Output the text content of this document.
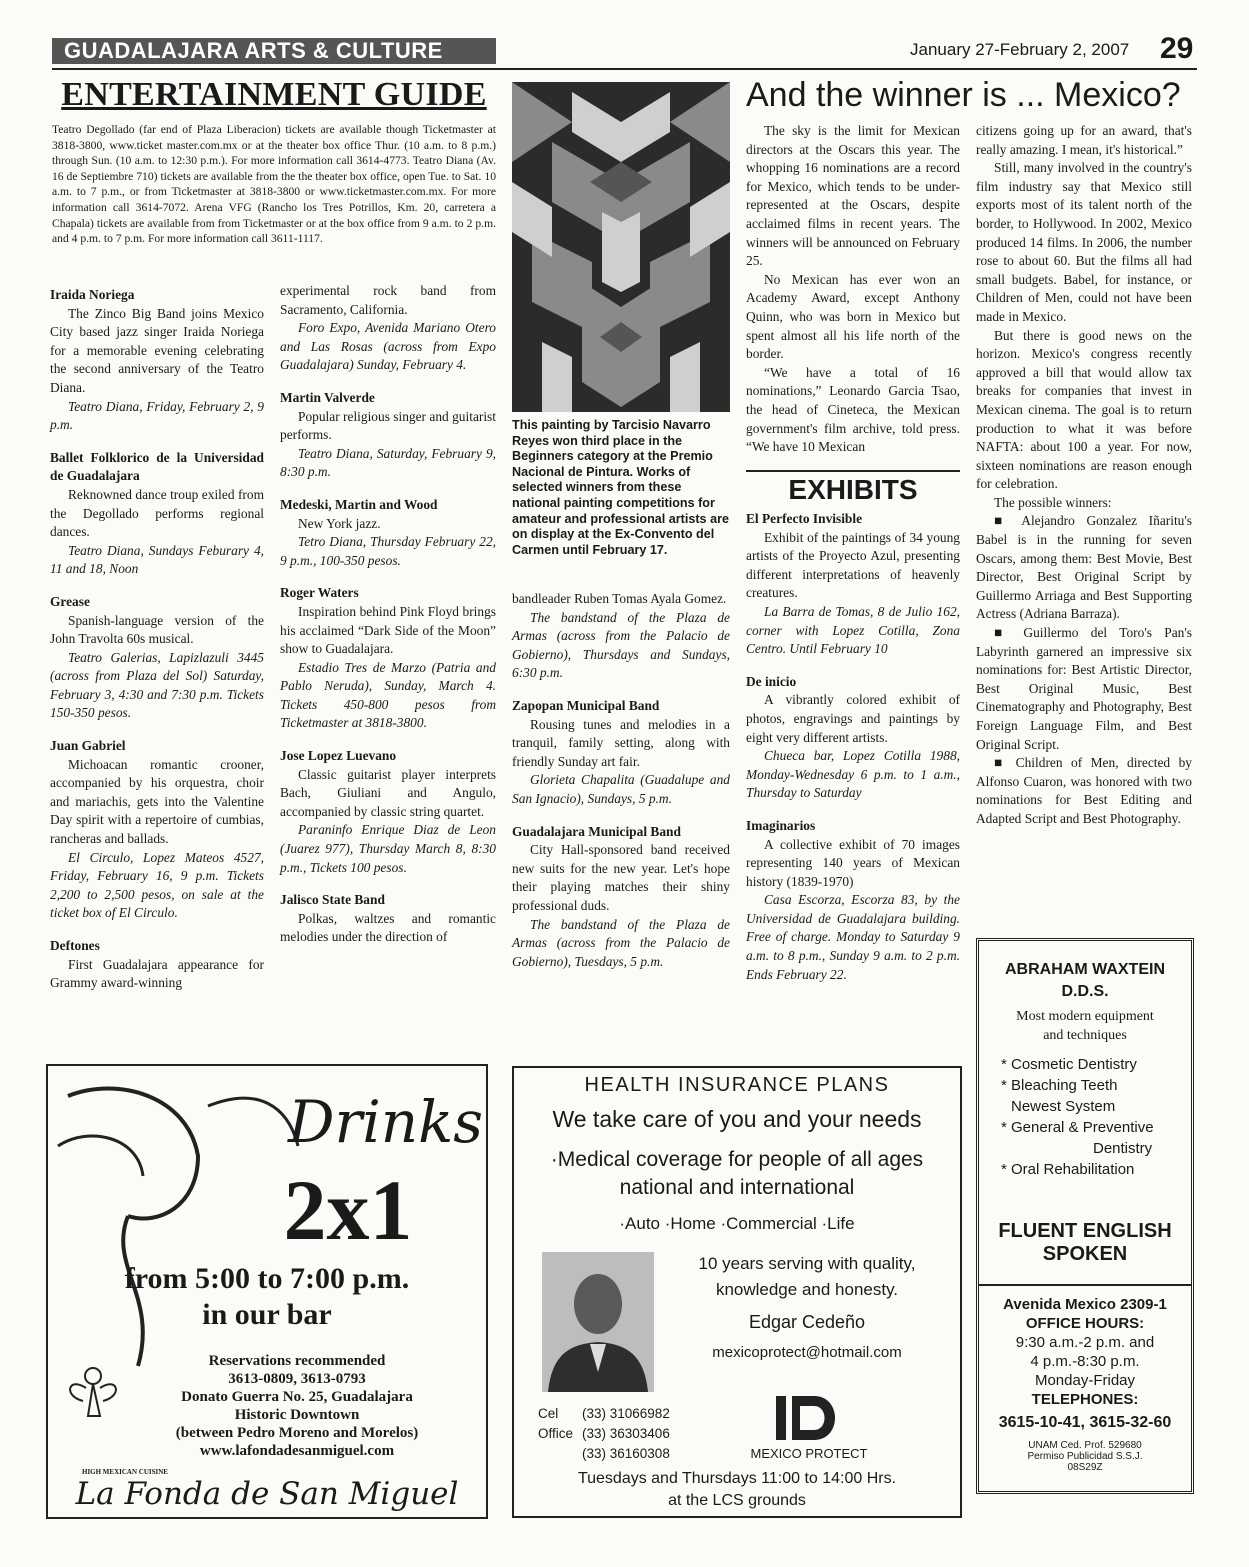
GUADALAJARA ARTS & CULTURE	January 27-February 2, 2007 29
ENTERTAINMENT GUIDE
Teatro Degollado (far end of Plaza Liberacion) tickets are available though Ticketmaster at 3818-3800, www.ticket master.com.mx or at the theater box office Thur. (10 a.m. to 8 p.m.) through Sun. (10 a.m. to 12:30 p.m.). For more information call 3614-4773. Teatro Diana (Av. 16 de Septiembre 710) tickets are available from the the theater box office, open Tue. to Sat. 10 a.m. to 7 p.m., or from Ticketmaster at 3818-3800 or www.ticketmaster.com.mx. For more information call 3614-7072. Arena VFG (Rancho los Tres Potrillos, Km. 20, carretera a Chapala) tickets are available from from Ticketmaster or at the box office from 9 a.m. to 2 p.m. and 4 p.m. to 7 p.m. For more information call 3611-1117.

Iraida Noriega

The Zinco Big Band joins Mexico City based jazz singer Iraida Noriega for a memorable evening celebrating the second anniversary of the Teatro Diana.

Teatro Diana, Friday, February 2, 9 p.m.

Ballet Folklorico de la Universidad de Guadalajara

Reknowned dance troup exiled from the Degollado performs regional dances.

Teatro Diana, Sundays Feburary 4, 11 and 18, Noon

Grease

Spanish-language version of the John Travolta 60s musical.

Teatro Galerias, Lapizlazuli 3445 (across from Plaza del Sol) Saturday, February 3, 4:30 and 7:30 p.m. Tickets 150-350 pesos.

Juan Gabriel

Michoacan romantic crooner, accompanied by his orquestra, choir and mariachis, gets into the Valentine Day spirit with a repertoire of cumbias, rancheras and ballads.

El Circulo, Lopez Mateos 4527, Friday, February 16, 9 p.m. Tickets 2,200 to 2,500 pesos, on sale at the ticket box of El Circulo.

Deftones

First Guadalajara appearance for Grammy award-winning

experimental rock band from Sacramento, California.

Foro Expo, Avenida Mariano Otero and Las Rosas (across from Expo Guadalajara) Sunday, February 4.

Martin Valverde

Popular religious singer and guitarist performs.

Teatro Diana, Saturday, February 9, 8:30 p.m.

Medeski, Martin and Wood

New York jazz.

Tetro Diana, Thursday February 22, 9 p.m., 100-350 pesos.

Roger Waters

Inspiration behind Pink Floyd brings his acclaimed “Dark Side of the Moon” show to Guadalajara.

Estadio Tres de Marzo (Patria and Pablo Neruda), Sunday, March 4. Tickets 450-800 pesos from Ticketmaster at 3818-3800.

Jose Lopez Luevano

Classic guitarist player interprets Bach, Giuliani and Angulo, accompanied by classic string quartet.

Paraninfo Enrique Diaz de Leon (Juarez 977), Thursday March 8, 8:30 p.m., Tickets 100 pesos.

Jalisco State Band

Polkas, waltzes and romantic melodies under the direction of

bandleader Ruben Tomas Ayala Gomez.

The bandstand of the Plaza de Armas (across from the Palacio de Gobierno), Thursdays and Sundays, 6:30 p.m.

Zapopan Municipal Band

Rousing tunes and melodies in a tranquil, family setting, along with friendly Sunday art fair.

Glorieta Chapalita (Guadalupe and San Ignacio), Sundays, 5 p.m.

Guadalajara Municipal Band

City Hall-sponsored band received new suits for the new year. Let's hope their playing matches their shiny professional duds.

The bandstand of the Plaza de Armas (across from the Palacio de Gobierno), Tuesdays, 5 p.m.

This painting by Tarcisio Navarro Reyes won third place in the Beginners category at the Premio Nacional de Pintura. Works of selected winners from these national painting competitions for amateur and professional artists are on display at the Ex-Convento del Carmen until February 17.
And the winner is ... Mexico?

The sky is the limit for Mexican directors at the Oscars this year. The whopping 16 nominations are a record for Mexico, which tends to be under-represented at the Oscars, despite acclaimed films in recent years. The winners will be announced on February 25.

No Mexican has ever won an Academy Award, except Anthony Quinn, who was born in Mexico but spent almost all his life north of the border.

“We have a total of 16 nominations,” Leonardo Garcia Tsao, the head of Cineteca, the Mexican government's film archive, told press. “We have 10 Mexican

citizens going up for an award, that's really amazing. I mean, it's historical.”

Still, many involved in the country's film industry say that Mexico still exports most of its talent north of the border, to Hollywood. In 2002, Mexico produced 14 films. In 2006, the number rose to about 60. But the films all had small budgets. Babel, for instance, or Children of Men, could not have been made in Mexico.

But there is good news on the horizon. Mexico's congress recently approved a bill that would allow tax breaks for companies that invest in Mexican cinema. The goal is to return production to what it was before NAFTA: about 100 a year. For now, sixteen nominations are reason enough for celebration.

The possible winners:

■ Alejandro Gonzalez Iñaritu's Babel is in the running for seven Oscars, among them: Best Movie, Best Director, Best Original Script by Guillermo Arriaga and Best Supporting Actress (Adriana Barraza).

■ Guillermo del Toro's Pan's Labyrinth garnered an impressive six nominations for: Best Artistic Director, Best Original Music, Best Cinematography and Photography, Best Foreign Language Film, and Best Original Script.

■ Children of Men, directed by Alfonso Cuaron, was honored with two nominations for Best Editing and Adapted Script and Best Photography.

EXHIBITS

El Perfecto Invisible

Exhibit of the paintings of 34 young artists of the Proyecto Azul, presenting different interpretations of heavenly creatures.

La Barra de Tomas, 8 de Julio 162, corner with Lopez Cotilla, Zona Centro. Until February 10

De inicio

A vibrantly colored exhibit of photos, engravings and paintings by eight very different artists.

Chueca bar, Lopez Cotilla 1988, Monday-Wednesday 6 p.m. to 1 a.m., Thursday to Saturday

Imaginarios

A collective exhibit of 70 images representing 140 years of Mexican history (1839-1970)

Casa Escorza, Escorza 83, by the Universidad de Guadalajara building. Free of charge. Monday to Saturday 9 a.m. to 8 p.m., Sunday 9 a.m. to 2 p.m. Ends February 22.

Drinks
2x1
from 5:00 to 7:00 p.m.
in our bar
Reservations recommended
3613-0809, 3613-0793
Donato Guerra No. 25, Guadalajara
Historic Downtown
(between Pedro Moreno and Morelos)
www.lafondadesanmiguel.com
HIGH MEXICAN CUISINE
La Fonda de San Miguel
HEALTH INSURANCE PLANS
We take care of you and your needs
·Medical coverage for people of all ages
national and international
·Auto ·Home ·Commercial ·Life
10 years serving with quality,
knowledge and honesty.
Edgar Cedeño
mexicoprotect@hotmail.com
Cel
Office
(33) 31066982
(33) 36303406
(33) 36160308	MEXICO PROTECT
Tuesdays and Thursdays 11:00 to 14:00 Hrs.
at the LCS grounds
ABRAHAM WAXTEIN
D.D.S.
Most modern equipment
and techniques
* Cosmetic Dentistry
* Bleaching Teeth
Newest System
* General & Preventive
Dentistry
* Oral Rehabilitation
FLUENT ENGLISH
SPOKEN
Avenida Mexico 2309-1
OFFICE HOURS:
9:30 a.m.-2 p.m. and
4 p.m.-8:30 p.m.
Monday-Friday
TELEPHONES:
3615-10-41, 3615-32-60
UNAM Ced. Prof. 529680
Permiso Publicidad S.S.J.
08S29Z
